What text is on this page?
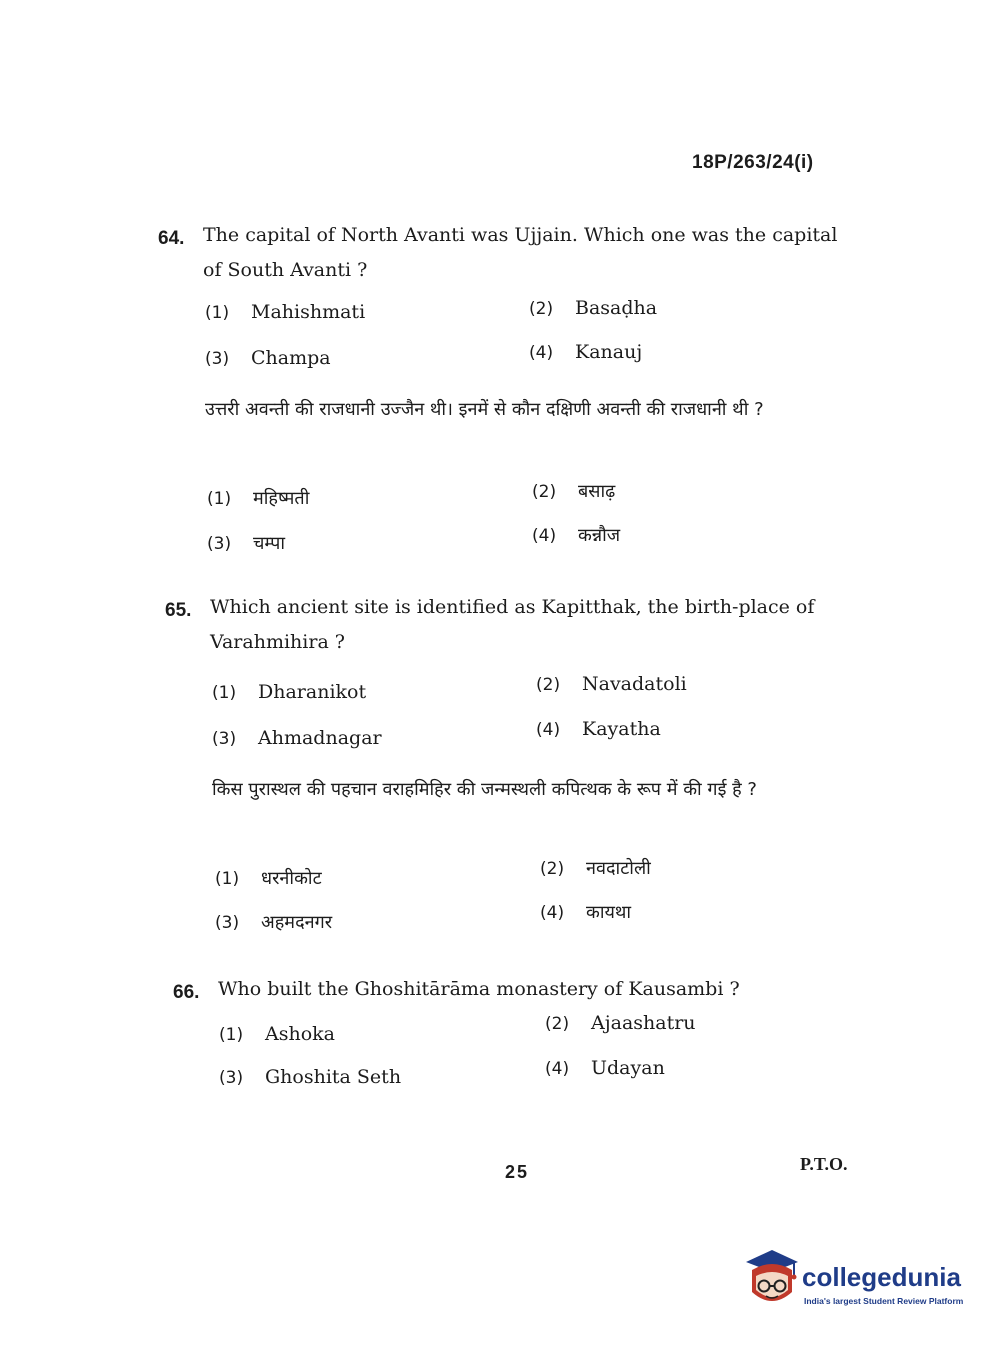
18P/263/24(i)
64. The capital of North Avanti was Ujjain. Which one was the capital of South Avanti ?
(1) Mahishmati	(2) Basaḍha
(3) Champa	(4) Kanauj
उत्तरी अवन्ती की राजधानी उज्जैन थी। इनमें से कौन दक्षिणी अवन्ती की राजधानी थी ?
(1) महिष्मती	(2) बसाढ़
(3) चम्पा	(4) कन्नौज
65. Which ancient site is identified as Kapitthak, the birth-place of Varahmihira ?
(1) Dharanikot	(2) Navadatoli
(3) Ahmadnagar	(4) Kayatha
किस पुरास्थल की पहचान वराहमिहिर की जन्मस्थली कपित्थक के रूप में की गई है ?
(1) धरनीकोट	(2) नवदाटोली
(3) अहमदनगर	(4) कायथा
66. Who built the Ghoshitārāma monastery of Kausambi ?
(1) Ashoka	(2) Ajaashatru
(3) Ghoshita Seth	(4) Udayan
25	P.T.O.
collegedunia
India's largest Student Review Platform
